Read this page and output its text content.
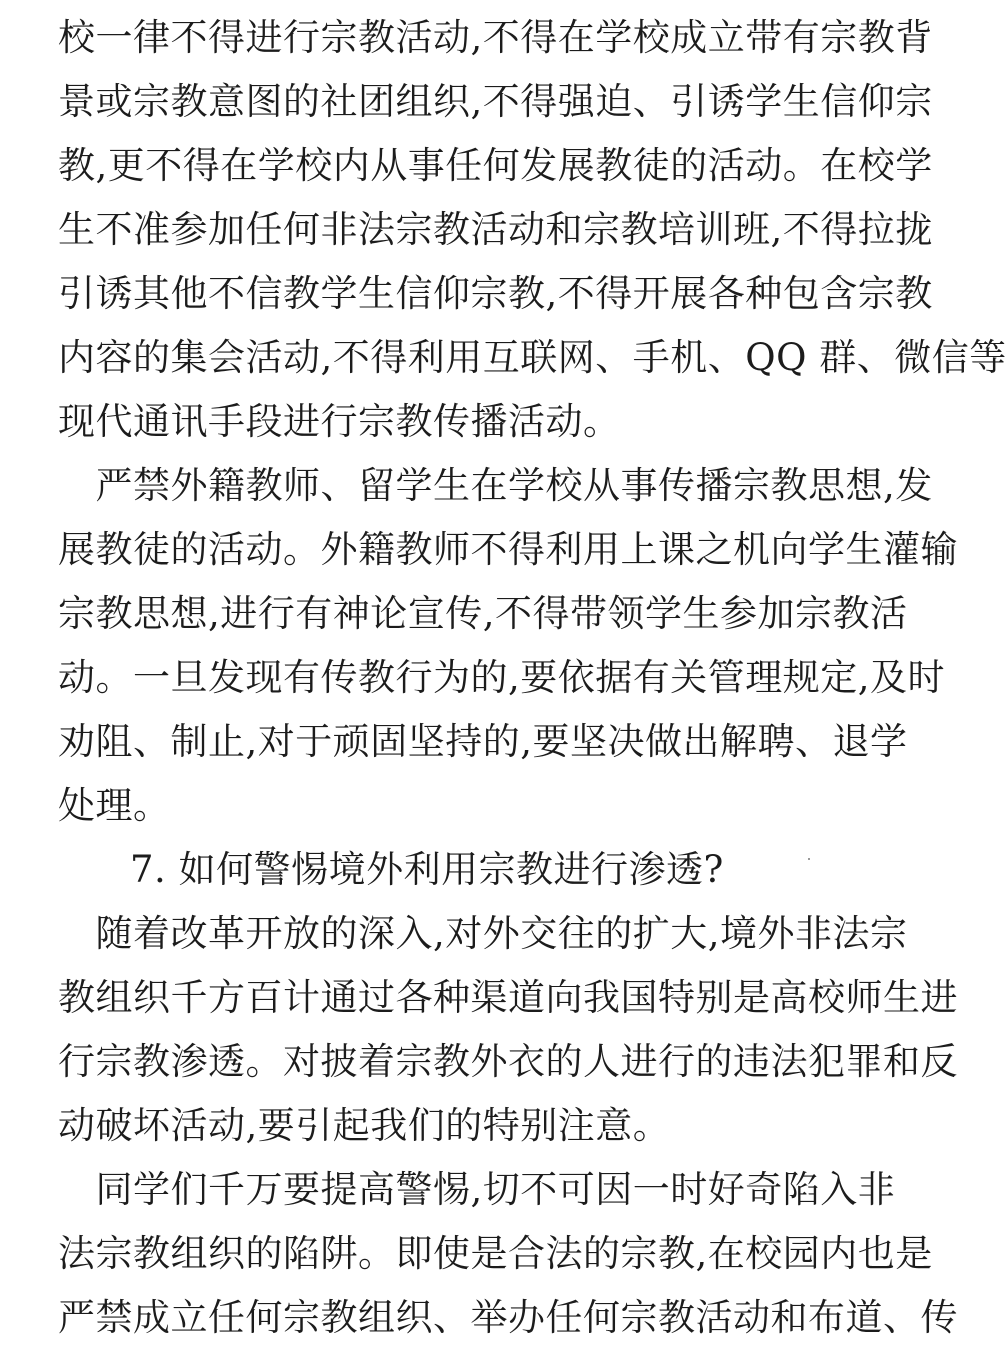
校一律不得进行宗教活动,不得在学校成立带有宗教背
景或宗教意图的社团组织,不得强迫、引诱学生信仰宗
教,更不得在学校内从事任何发展教徒的活动。在校学
生不准参加任何非法宗教活动和宗教培训班,不得拉拢
引诱其他不信教学生信仰宗教,不得开展各种包含宗教
内容的集会活动,不得利用互联网、手机、QQ 群、微信等
现代通讯手段进行宗教传播活动。
　严禁外籍教师、留学生在学校从事传播宗教思想,发
展教徒的活动。外籍教师不得利用上课之机向学生灌输
宗教思想,进行有神论宣传,不得带领学生参加宗教活
动。一旦发现有传教行为的,要依据有关管理规定,及时
劝阻、制止,对于顽固坚持的,要坚决做出解聘、退学
处理。
7. 如何警惕境外利用宗教进行渗透?
　随着改革开放的深入,对外交往的扩大,境外非法宗
教组织千方百计通过各种渠道向我国特别是高校师生进
行宗教渗透。对披着宗教外衣的人进行的违法犯罪和反
动破坏活动,要引起我们的特别注意。
　同学们千万要提高警惕,切不可因一时好奇陷入非
法宗教组织的陷阱。即使是合法的宗教,在校园内也是
严禁成立任何宗教组织、举办任何宗教活动和布道、传
